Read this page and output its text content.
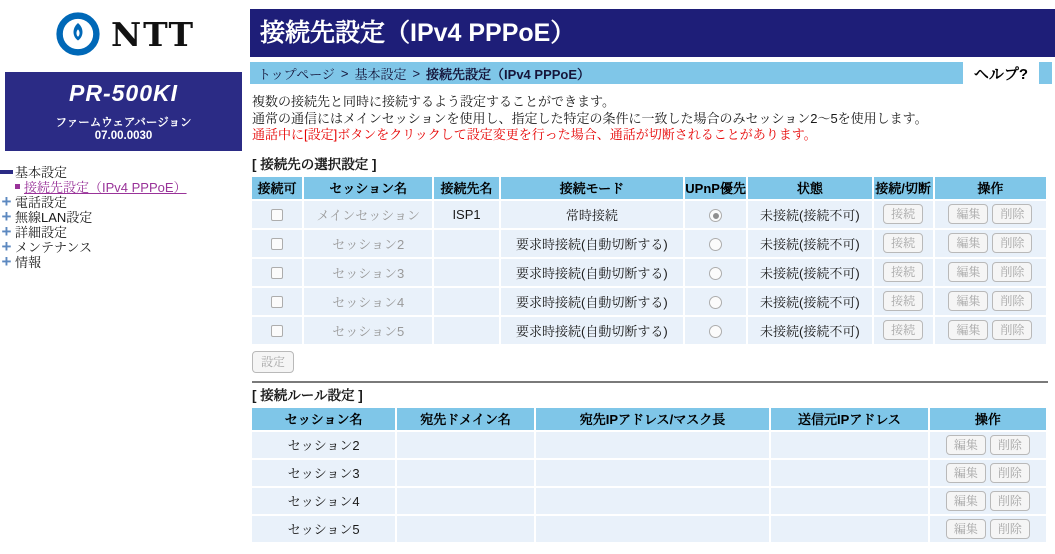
NTT
PR-500KI
ファームウェアバージョン
07.00.0030
基本設定
接続先設定（IPv4 PPPoE）
+ 電話設定
+ 無線LAN設定
+ 詳細設定
+ メンテナンス
+ 情報
接続先設定（IPv4 PPPoE）
トップページ > 基本設定 > 接続先設定（IPv4 PPPoE）	ヘルプ?
複数の接続先と同時に接続するよう設定することができます。
通常の通信にはメインセッションを使用し、指定した特定の条件に一致した場合のみセッション2～5を使用します。
通話中に[設定]ボタンをクリックして設定変更を行った場合、通話が切断されることがあります。
[ 接続先の選択設定 ]
接続可	セッション名	接続先名	接続モード	UPnP優先	状態	接続/切断	操作
	メインセッション	ISP1	常時接続		未接続(接続不可)	接続	編集 削除
	セッション2		要求時接続(自動切断する)		未接続(接続不可)	接続	編集 削除
	セッション3		要求時接続(自動切断する)		未接続(接続不可)	接続	編集 削除
	セッション4		要求時接続(自動切断する)		未接続(接続不可)	接続	編集 削除
	セッション5		要求時接続(自動切断する)		未接続(接続不可)	接続	編集 削除
設定
[ 接続ルール設定 ]
セッション名	宛先ドメイン名	宛先IPアドレス/マスク長	送信元IPアドレス	操作
セッション2				編集 削除
セッション3				編集 削除
セッション4				編集 削除
セッション5				編集 削除
